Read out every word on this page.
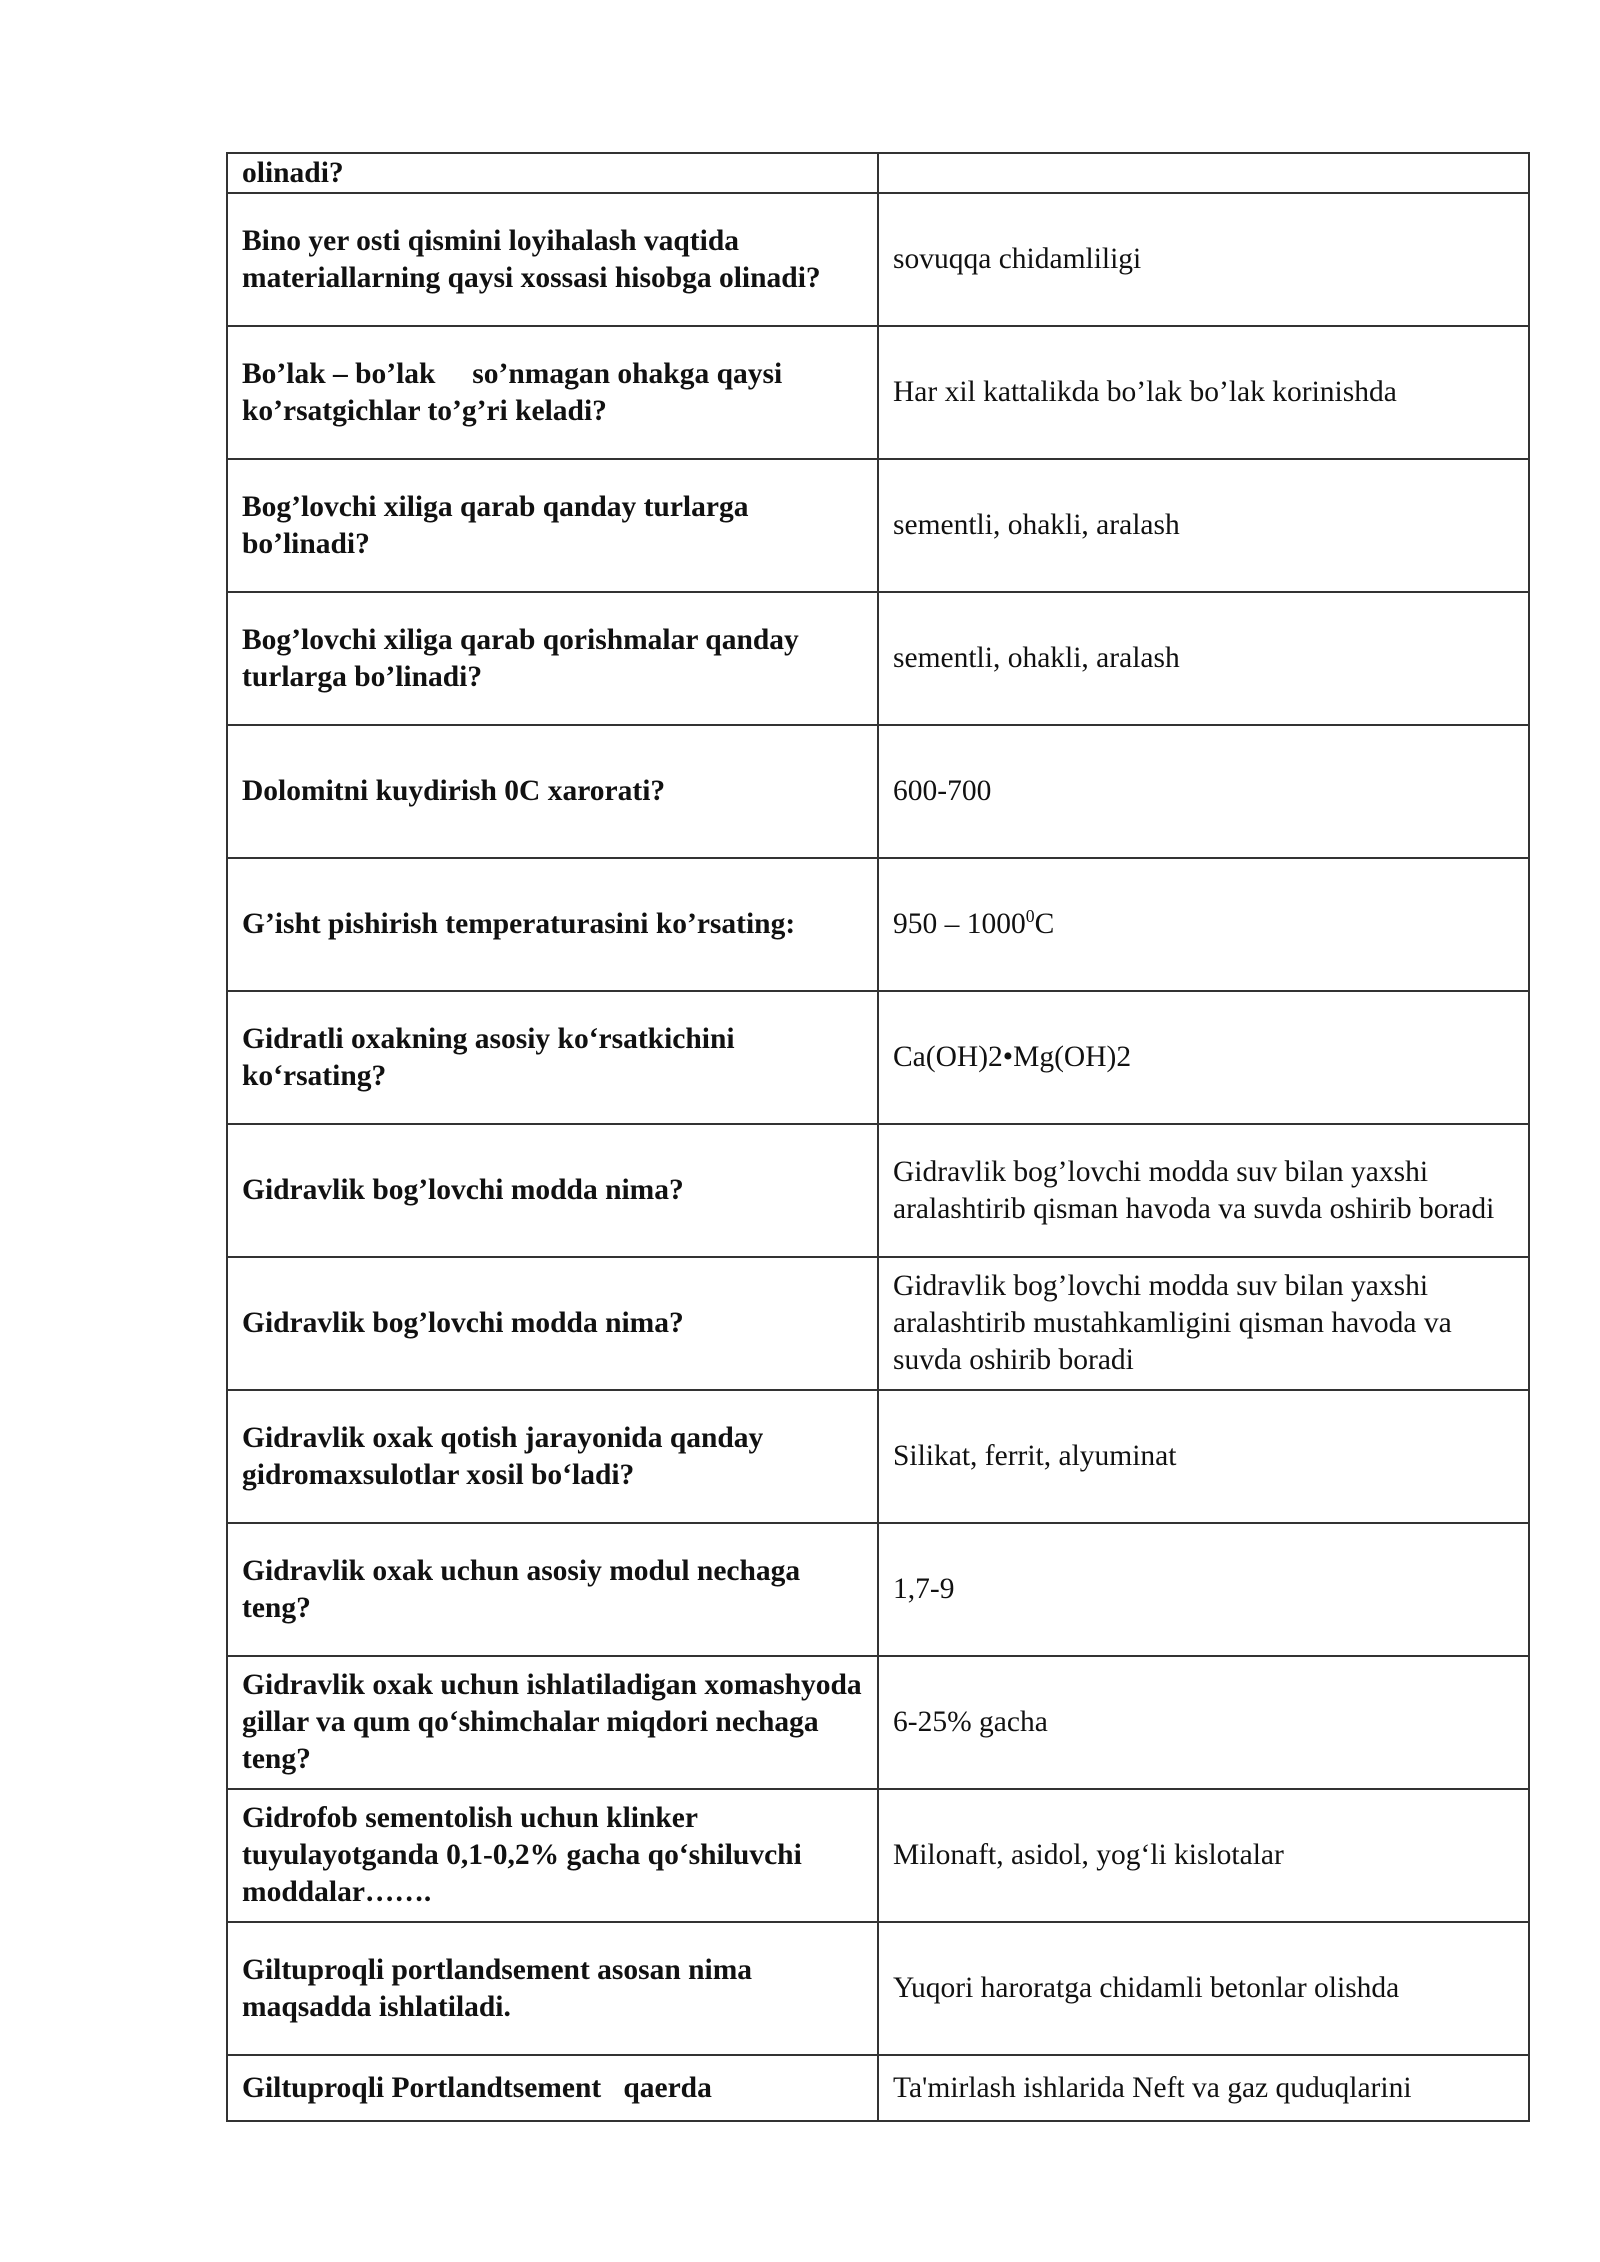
olinadi?	
Bino yer osti qismini loyihalash vaqtida materiallarning qaysi xossasi hisobga olinadi?	sovuqqa chidamliligi
Bo’lak – bo’lak     so’nmagan ohakga qaysi ko’rsatgichlar to’g’ri keladi?	Har xil kattalikda bo’lak bo’lak korinishda
Bog’lovchi xiliga qarab qanday turlarga bo’linadi?	sementli, ohakli, aralash
Bog’lovchi xiliga qarab qorishmalar qanday turlarga bo’linadi?	sementli, ohakli, aralash
Dolomitni kuydirish 0C xarorati?	600-700
G’isht pishirish temperaturasini ko’rsating:	950 – 1000$^0$C
Gidratli oxakning asosiy ko‘rsatkichini ko‘rsating?	Ca(OH)2•Mg(OH)2
Gidravlik bog’lovchi modda nima?	Gidravlik bog’lovchi modda suv bilan yaxshi aralashtirib qisman havoda va suvda oshirib boradi
Gidravlik bog’lovchi modda nima?	Gidravlik bog’lovchi modda suv bilan yaxshi aralashtirib mustahkamligini qisman havoda va suvda oshirib boradi
Gidravlik oxak qotish jarayonida qanday gidromaxsulotlar xosil bo‘ladi?	Silikat, ferrit, alyuminat
Gidravlik oxak uchun asosiy modul nechaga teng?	1,7-9
Gidravlik oxak uchun ishlatiladigan xomashyoda gillar va qum qo‘shimchalar miqdori nechaga teng?	6-25% gacha
Gidrofob sementolish uchun klinker tuyulayotganda 0,1-0,2% gacha qo‘shiluvchi moddalar…….	Milonaft, asidol, yog‘li kislotalar
Giltuproqli portlandsement asosan nima maqsadda ishlatiladi.	Yuqori haroratga chidamli betonlar olishda
Giltuproqli Portlandtsement   qaerda	Ta'mirlash ishlarida Neft va gaz quduqlarini
